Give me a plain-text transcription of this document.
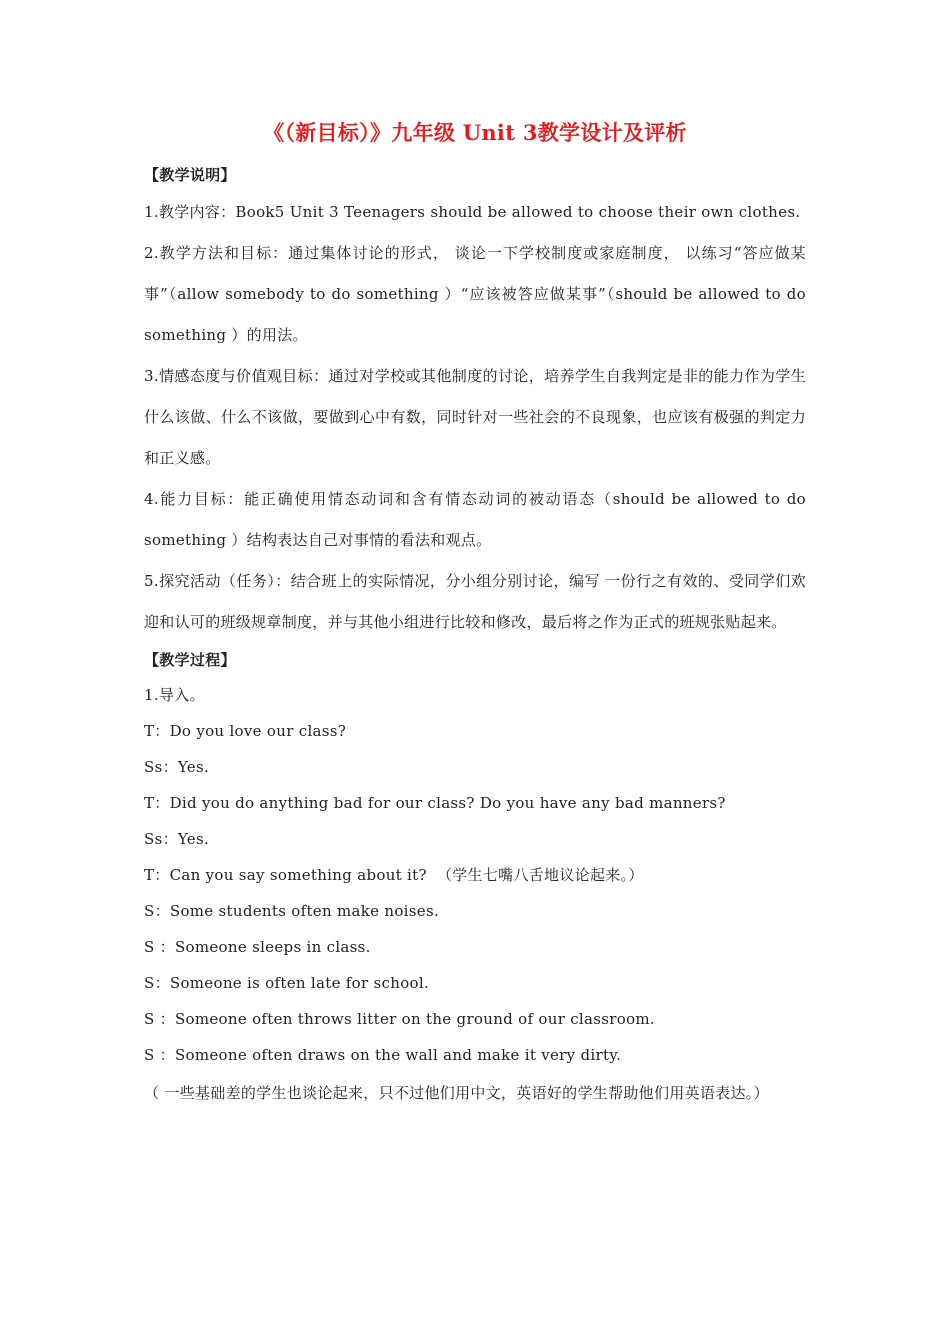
《（新目标）》九年级 Unit 3教学设计及评析
【教学说明】

1.教学内容：Book5 Unit 3 Teenagers should be allowed to choose their own clothes.

2.教学方法和目标：通过集体讨论的形式， 谈论一下学校制度或家庭制度， 以练习“答应做某事”（allow somebody to do something ）“应该被答应做某事”（should be allowed to do something ）的用法。

3.情感态度与价值观目标：通过对学校或其他制度的讨论，培养学生自我判定是非的能力作为学生什么该做、什么不该做，要做到心中有数，同时针对一些社会的不良现象，也应该有极强的判定力和正义感。

4.能力目标：能正确使用情态动词和含有情态动词的被动语态（should be allowed to do something ）结构表达自己对事情的看法和观点。

5.探究活动（任务）：结合班上的实际情况，分小组分别讨论，编写 一份行之有效的、受同学们欢迎和认可的班级规章制度，并与其他小组进行比较和修改，最后将之作为正式的班规张贴起来。

【教学过程】
1.导入。
T：Do you love our class?
Ss：Yes.
T：Did you do anything bad for our class? Do you have any bad manners?
Ss：Yes.
T：Can you say something about it?  （学生七嘴八舌地议论起来。）
S：Some students often make noises.
S ：Someone sleeps in class.
S：Someone is often late for school.
S ：Someone often throws litter on the ground of our classroom.
S ：Someone often draws on the wall and make it very dirty.

（ 一些基础差的学生也谈论起来，只不过他们用中文，英语好的学生帮助他们用英语表达。）
